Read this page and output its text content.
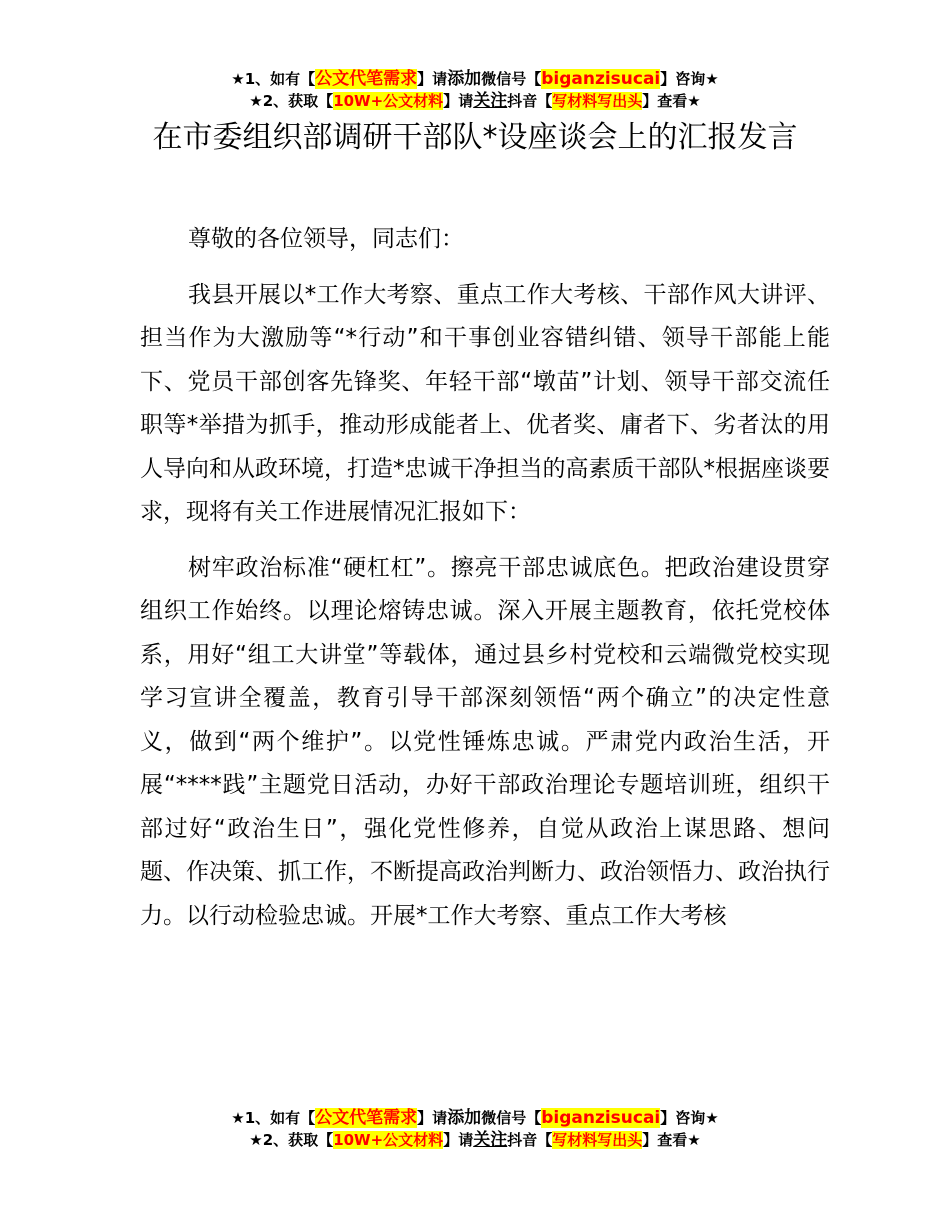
★1、如有【公文代笔需求】请添加微信号【biganzisucai】咨询★
★2、获取【10W+公文材料】请关注抖音【写材料写出头】查看★
在市委组织部调研干部队*设座谈会上的汇报发言

尊敬的各位领导，同志们：

我县开展以*工作大考察、重点工作大考核、干部作风大讲评、担当作为大激励等“*行动”和干事创业容错纠错、领导干部能上能下、党员干部创客先锋奖、年轻干部“墩苗”计划、领导干部交流任职等*举措为抓手，推动形成能者上、优者奖、庸者下、劣者汰的用人导向和从政环境，打造*忠诚干净担当的高素质干部队*根据座谈要求，现将有关工作进展情况汇报如下：

树牢政治标准“硬杠杠”。擦亮干部忠诚底色。把政治建设贯穿组织工作始终。以理论熔铸忠诚。深入开展主题教育，依托党校体系，用好“组工大讲堂”等载体，通过县乡村党校和云端微党校实现学习宣讲全覆盖，教育引导干部深刻领悟“两个确立”的决定性意义，做到“两个维护”。以党性锤炼忠诚。严肃党内政治生活，开展“****践”主题党日活动，办好干部政治理论专题培训班，组织干部过好“政治生日”，强化党性修养，自觉从政治上谋思路、想问题、作决策、抓工作，不断提高政治判断力、政治领悟力、政治执行力。以行动检验忠诚。开展*工作大考察、重点工作大考核

★1、如有【公文代笔需求】请添加微信号【biganzisucai】咨询★
★2、获取【10W+公文材料】请关注抖音【写材料写出头】查看★
